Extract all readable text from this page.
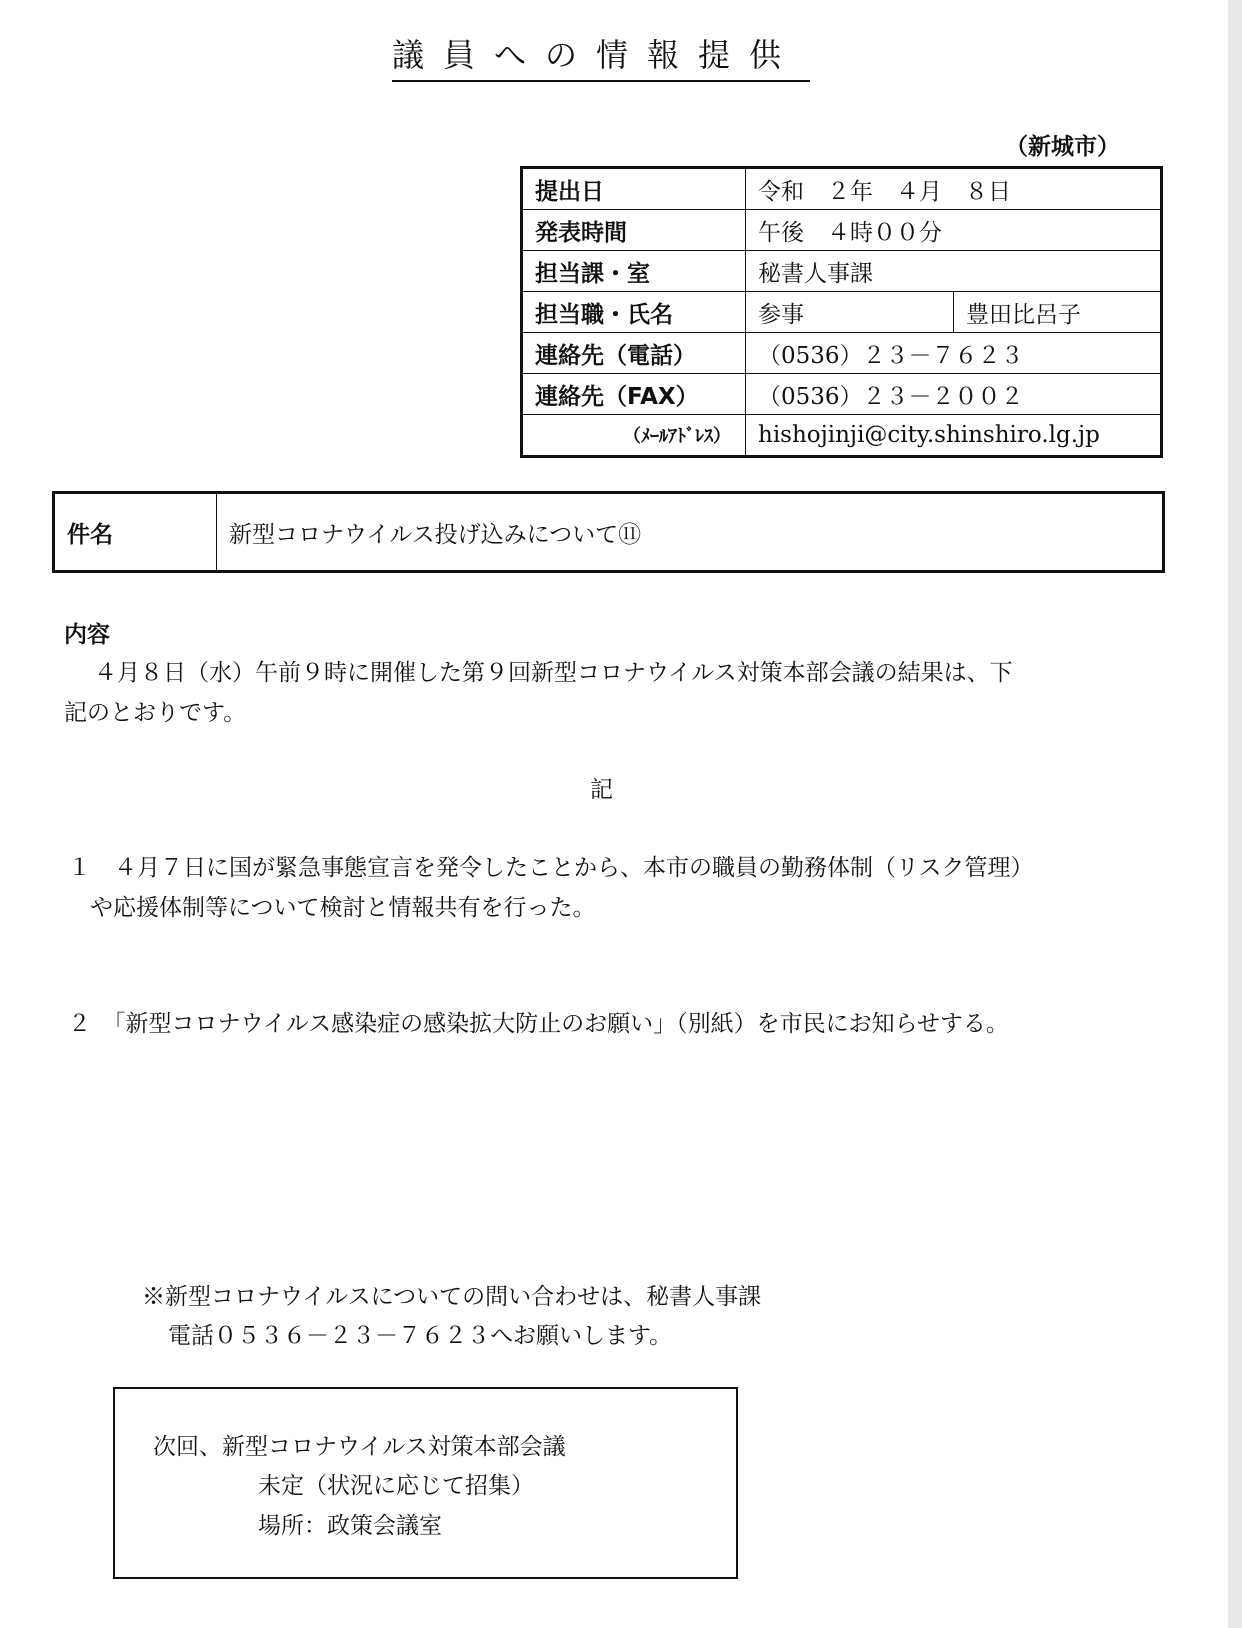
議員への情報提供
（新城市）
提出日	令和　２年　４月　８日	
発表時間	午後　４時００分	
担当課・室	秘書人事課	
担当職・氏名	参事	豊田比呂子
連絡先（電話）	（0536）２３－７６２３	
連絡先（FAX）	（0536）２３－２００２	
（ﾒｰﾙｱﾄﾞﾚｽ）	hishojinji@city.shinshiro.lg.jp	
件名	新型コロナウイルス投げ込みについて⑪
内容
４月８日（水）午前９時に開催した第９回新型コロナウイルス対策本部会議の結果は、下
記のとおりです。
記
１　４月７日に国が緊急事態宣言を発令したことから、本市の職員の勤務体制（リスク管理）
や応援体制等について検討と情報共有を行った。
２　「新型コロナウイルス感染症の感染拡大防止のお願い」（別紙）を市民にお知らせする。
※新型コロナウイルスについての問い合わせは、秘書人事課
電話０５３６－２３－７６２３へお願いします。
次回、新型コロナウイルス対策本部会議
未定（状況に応じて招集）
場所：政策会議室
